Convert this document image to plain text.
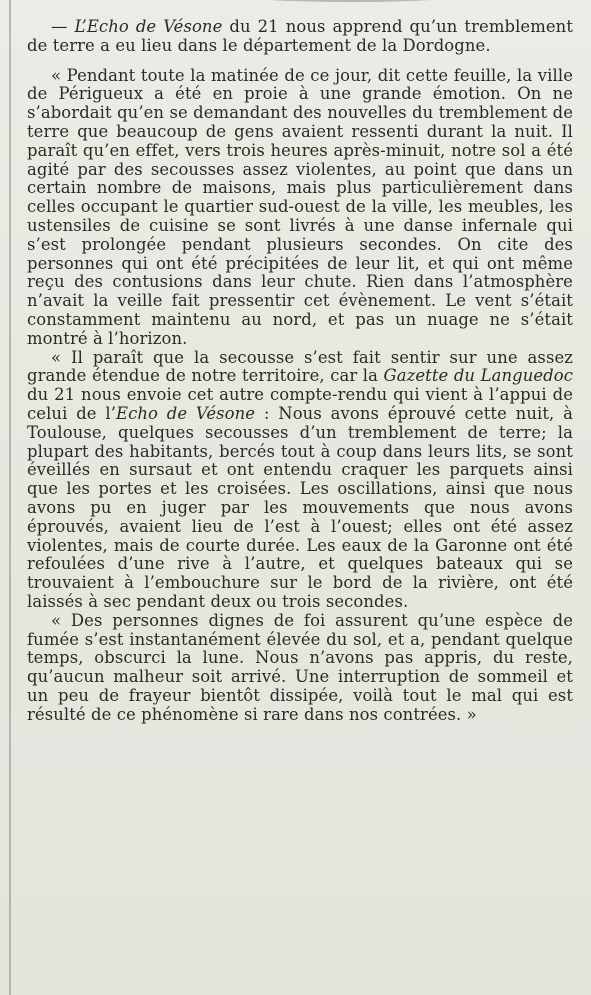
— L’Echo de Vésone du 21 nous apprend qu’un tremblement de terre a eu lieu dans le département de la Dordogne.

« Pendant toute la matinée de ce jour, dit cette feuille, la ville de Périgueux a été en proie à une grande émotion. On ne s’abordait qu’en se demandant des nouvelles du tremblement de terre que beaucoup de gens avaient ressenti durant la nuit. Il paraît qu’en effet, vers trois heures après-minuit, notre sol a été agité par des secousses assez violentes, au point que dans un certain nombre de maisons, mais plus particulièrement dans celles occupant le quartier sud-ouest de la ville, les meubles, les ustensiles de cuisine se sont livrés à une danse infernale qui s’est prolongée pendant plusieurs secondes. On cite des personnes qui ont été précipitées de leur lit, et qui ont même reçu des contusions dans leur chute. Rien dans l’atmosphère n’avait la veille fait pressentir cet évènement. Le vent s’était constamment maintenu au nord, et pas un nuage ne s’était montré à l’horizon.

« Il paraît que la secousse s’est fait sentir sur une assez grande étendue de notre territoire, car la Gazette du Languedoc du 21 nous envoie cet autre compte-rendu qui vient à l’appui de celui de l’Echo de Vésone : Nous avons éprouvé cette nuit, à Toulouse, quelques secousses d’un tremblement de terre; la plupart des habitants, bercés tout à coup dans leurs lits, se sont éveillés en sursaut et ont entendu craquer les parquets ainsi que les portes et les croisées. Les oscillations, ainsi que nous avons pu en juger par les mouvements que nous avons éprouvés, avaient lieu de l’est à l’ouest; elles ont été assez violentes, mais de courte durée. Les eaux de la Garonne ont été refoulées d’une rive à l’autre, et quelques bateaux qui se trouvaient à l’embouchure sur le bord de la rivière, ont été laissés à sec pendant deux ou trois secondes.

« Des personnes dignes de foi assurent qu’une espèce de fumée s’est instantanément élevée du sol, et a, pendant quelque temps, obscurci la lune. Nous n’avons pas appris, du reste, qu’aucun malheur soit arrivé. Une interruption de sommeil et un peu de frayeur bientôt dissipée, voilà tout le mal qui est résulté de ce phénomène si rare dans nos contrées. »
